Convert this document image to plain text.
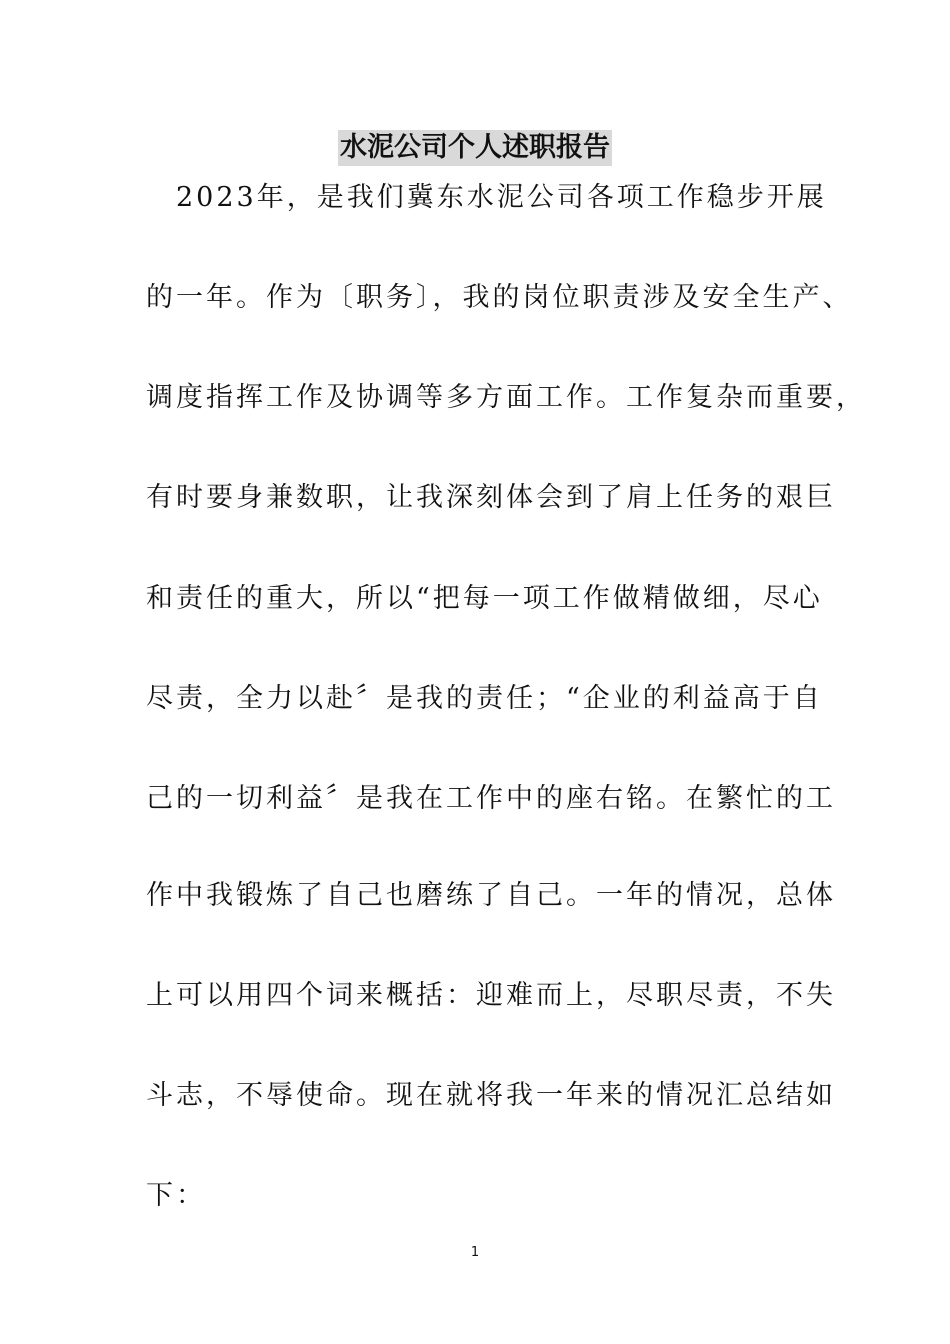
水泥公司个人述职报告
2023年，是我们冀东水泥公司各项工作稳步开展
的一年。作为〔职务〕，我的岗位职责涉及安全生产、
调度指挥工作及协调等多方面工作。工作复杂而重要，
有时要身兼数职，让我深刻体会到了肩上任务的艰巨
和责任的重大，所以“把每一项工作做精做细，尽心
尽责，全力以赴〞是我的责任；“企业的利益高于自
己的一切利益〞是我在工作中的座右铭。在繁忙的工
作中我锻炼了自己也磨练了自己。一年的情况，总体
上可以用四个词来概括：迎难而上，尽职尽责，不失
斗志，不辱使命。现在就将我一年来的情况汇总结如
下：
1
